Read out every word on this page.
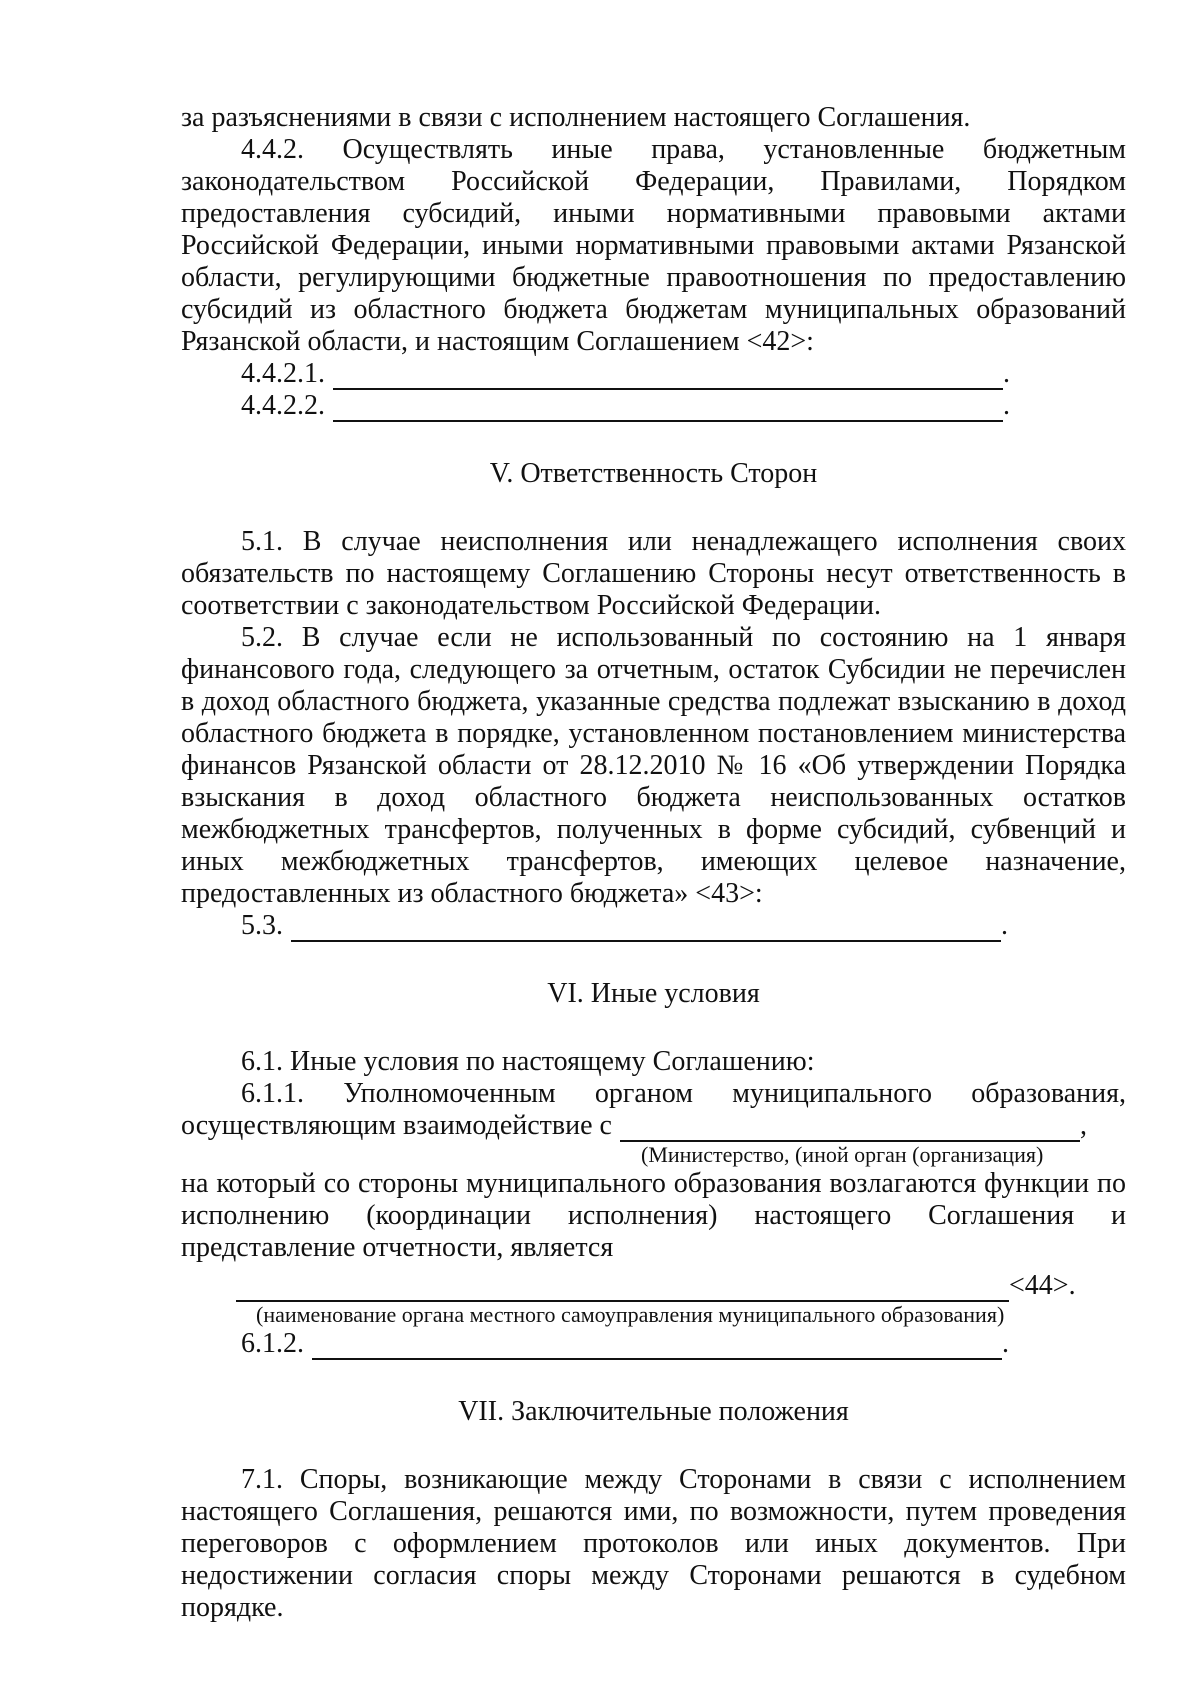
за разъяснениями в связи с исполнением настоящего Соглашения.

4.4.2. Осуществлять иные права, установленные бюджетным законодательством Российской Федерации, Правилами, Порядком предоставления субсидий, иными нормативными правовыми актами Российской Федерации, иными нормативными правовыми актами Рязанской области, регулирующими бюджетные правоотношения по предоставлению субсидий из областного бюджета бюджетам муниципальных образований Рязанской области, и настоящим Соглашением <42>:

4.4.2.1.	.
4.4.2.2.	.

V. Ответственность Сторон

5.1. В случае неисполнения или ненадлежащего исполнения своих обязательств по настоящему Соглашению Стороны несут ответственность в соответствии с законодательством Российской Федерации.

5.2. В случае если не использованный по состоянию на 1 января финансового года, следующего за отчетным, остаток Субсидии не перечислен в доход областного бюджета, указанные средства подлежат взысканию в доход областного бюджета в порядке, установленном постановлением министерства финансов Рязанской области от 28.12.2010 № 16 «Об утверждении Порядка взыскания в доход областного бюджета неиспользованных остатков межбюджетных трансфертов, полученных в форме субсидий, субвенций и иных межбюджетных трансфертов, имеющих целевое назначение, предоставленных из областного бюджета» <43>:

5.3.	.

VI. Иные условия

6.1. Иные условия по настоящему Соглашению:

6.1.1. Уполномоченным органом муниципального образования,

осуществляющим взаимодействие с	,
(Министерство, (иной орган (организация)

на который со стороны муниципального образования возлагаются функции по исполнению (координации исполнения) настоящего Соглашения и представление отчетности, является

<44>.
(наименование органа местного самоуправления муниципального образования)
6.1.2.	.

VII. Заключительные положения

7.1. Споры, возникающие между Сторонами в связи с исполнением настоящего Соглашения, решаются ими, по возможности, путем проведения переговоров с оформлением протоколов или иных документов. При недостижении согласия споры между Сторонами решаются в судебном порядке.
